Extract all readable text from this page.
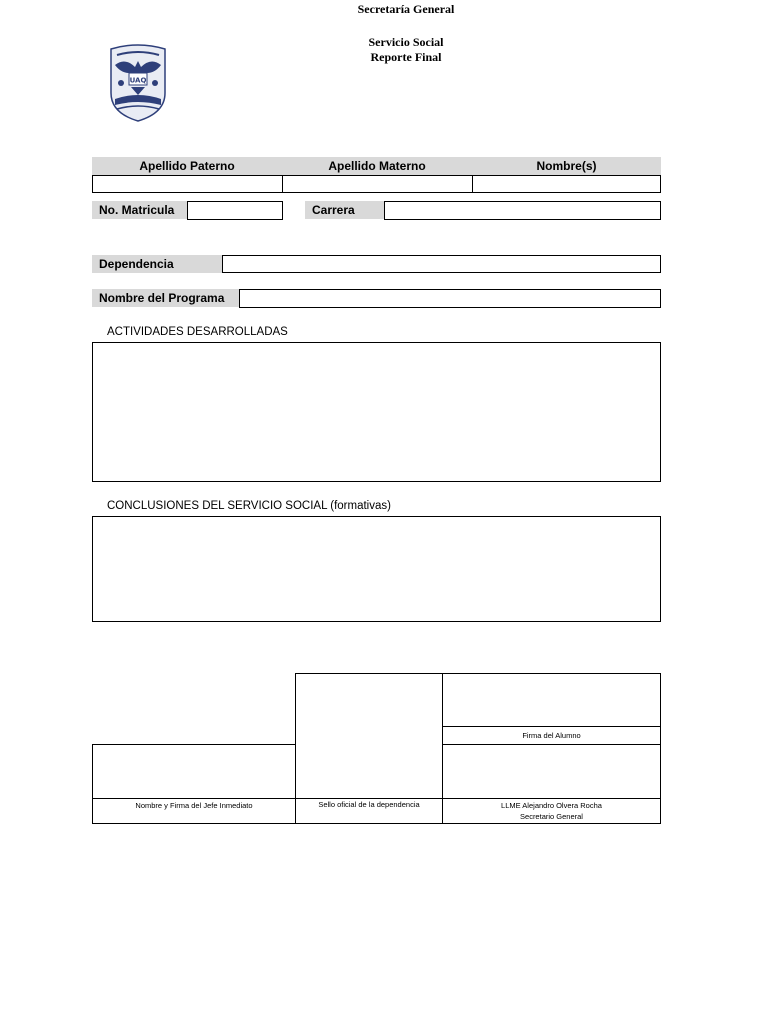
Secretaría General
Servicio Social
Reporte Final
UAQ
Apellido Paterno	Apellido Materno	Nombre(s)
No. Matricula	Carrera
Dependencia
Nombre del Programa
ACTIVIDADES DESARROLLADAS
CONCLUSIONES DEL SERVICIO SOCIAL (formativas)
Firma del Alumno
Nombre y Firma del Jefe Inmediato	Sello oficial de la dependencia	LLME Alejandro Olvera Rocha
Secretario General
